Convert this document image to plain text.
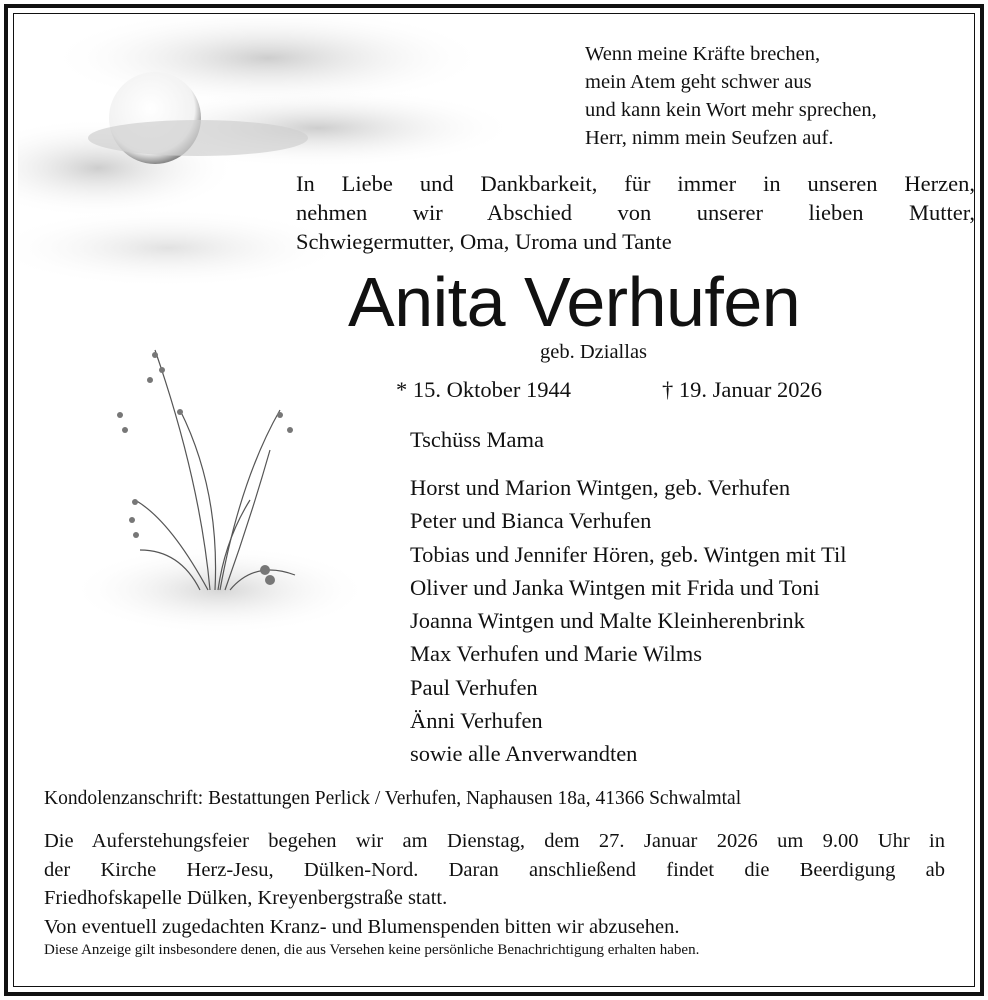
Wenn meine Kräfte brechen,
mein Atem geht schwer aus
und kann kein Wort mehr sprechen,
Herr, nimm mein Seufzen auf.
In Liebe und Dankbarkeit, für immer in unseren Herzen,
nehmen wir Abschied von unserer lieben Mutter,
Schwiegermutter, Oma, Uroma und Tante
Anita Verhufen
geb. Dziallas
* 15. Oktober 1944	† 19. Januar 2026
Tschüss Mama
Horst und Marion Wintgen, geb. Verhufen
Peter und Bianca Verhufen
Tobias und Jennifer Hören, geb. Wintgen mit Til
Oliver und Janka Wintgen mit Frida und Toni
Joanna Wintgen und Malte Kleinherenbrink
Max Verhufen und Marie Wilms
Paul Verhufen
Änni Verhufen
sowie alle Anverwandten
Kondolenzanschrift: Bestattungen Perlick / Verhufen, Naphausen 18a, 41366 Schwalmtal
Die Auferstehungsfeier begehen wir am Dienstag, dem 27. Januar 2026 um 9.00 Uhr in
der Kirche Herz-Jesu, Dülken-Nord. Daran anschließend findet die Beerdigung ab
Friedhofskapelle Dülken, Kreyenbergstraße statt.
Von eventuell zugedachten Kranz- und Blumenspenden bitten wir abzusehen.
Diese Anzeige gilt insbesondere denen, die aus Versehen keine persönliche Benachrichtigung erhalten haben.
